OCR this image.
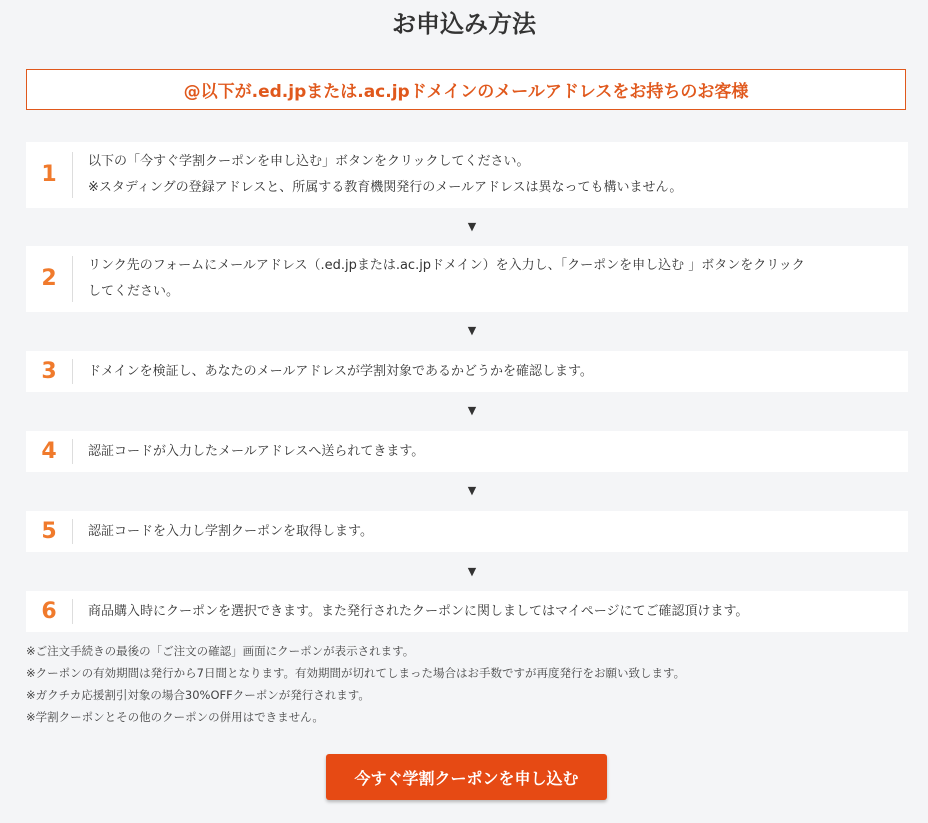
お申込み方法
@以下が.ed.jpまたは.ac.jpドメインのメールアドレスをお持ちのお客様
1
以下の「今すぐ学割クーポンを申し込む」ボタンをクリックしてください。
※スタディングの登録アドレスと、所属する教育機関発行のメールアドレスは異なっても構いません。
▼
2
リンク先のフォームにメールアドレス（.ed.jpまたは.ac.jpドメイン）を入力し、「クーポンを申し込む 」ボタンをクリック
してください。
▼
3	ドメインを検証し、あなたのメールアドレスが学割対象であるかどうかを確認します。
▼
4	認証コードが入力したメールアドレスへ送られてきます。
▼
5	認証コードを入力し学割クーポンを取得します。
▼
6	商品購入時にクーポンを選択できます。また発行されたクーポンに関しましてはマイページにてご確認頂けます。
※ご注文手続きの最後の「ご注文の確認」画面にクーポンが表示されます。
※クーポンの有効期間は発行から7日間となります。有効期間が切れてしまった場合はお手数ですが再度発行をお願い致します。
※ガクチカ応援割引対象の場合30%OFFクーポンが発行されます。
※学割クーポンとその他のクーポンの併用はできません。
今すぐ学割クーポンを申し込む
